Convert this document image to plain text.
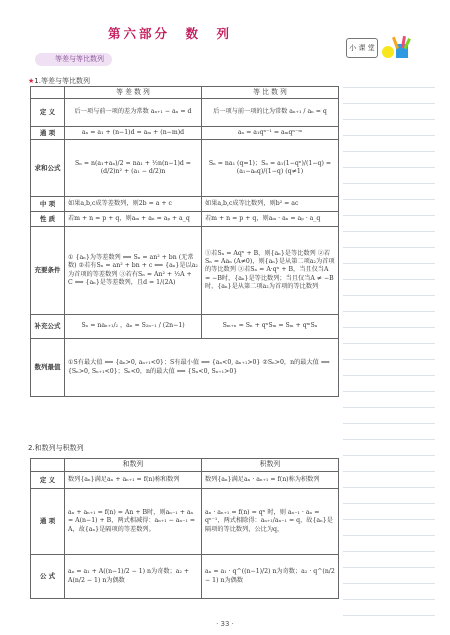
第六部分　数　列
小 课 堂
等差与等比数列
★1.等差与等比数列
	等 差 数 列	等 比 数 列
定 义	后一项与前一项的差为常数 aₙ₊₁ − aₙ = d	后一项与前一项的比为常数 aₙ₊₁ / aₙ = q
通 项	aₙ = a₁ + (n−1)d = aₘ + (n−m)d	aₙ = a₁qⁿ⁻¹ = aₘqⁿ⁻ᵐ
求和公式	Sₙ = n(a₁+aₙ)/2 = na₁ + ½n(n−1)d = (d/2)n² + (a₁ − d/2)n	Sₙ = na₁ (q=1)；Sₙ = a₁(1−qⁿ)/(1−q) = (a₁−aₙq)/(1−q) (q≠1)
中 项	如果a,b,c成等差数列，则2b = a + c	如果a,b,c成等比数列，则b² = ac
性 质	若m + n = p + q，则aₘ + aₙ = aₚ + a_q	若m + n = p + q，则aₘ · aₙ = aₚ · a_q
充要条件	① {aₙ}为等差数列 ⟺ Sₙ = an² + bn (无常数) ②若有Sₙ = an² + bn + c ⟺ {aₙ}是以a₂为首项的等差数列 ③若有Sₙ = An² + ½A + C ⟺ {aₙ}是等差数列，且d = 1/(2A)	①若Sₙ = Aqⁿ + B，则{aₙ}是等比数列 ②若Sₙ = Aaₙ (A≠0)，则{aₙ}是从第二项a₂为首项的等比数列 ③若Sₙ = A·qⁿ + B，当且仅当A = −B时，{aₙ}是等比数列；当且仅当A ≠ −B时，{aₙ}是从第二项a₂为首项的等比数列
补充公式	Sₙ = naₙ₊₁/₂ ，aₙ = S₂ₙ₋₁ / (2n−1)	Sₘ₊ₙ = Sₙ + qⁿSₘ = Sₘ + qᵐSₙ
数列最值	①S有最大值 ⟺ {aₙ>0, aₙ₊₁<0}；S有最小值 ⟺ {aₙ<0, aₙ₊₁>0} ②Sₙ>0，n的最大值 ⟺ {Sₙ>0, Sₙ₊₁<0}；Sₙ<0，n的最大值 ⟺ {Sₙ<0, Sₙ₊₁>0}	
2.和数列与积数列
	和数列	积数列
定 义	数列{aₙ}满足aₙ + aₙ₊₁ = f(n)称和数列	数列{aₙ}满足aₙ · aₙ₊₁ = f(n)称为积数列
通 项	aₙ + aₙ₊₁ = f(n) = An + B时，则aₙ₋₁ + aₙ = A(n−1) + B，两式相减得：aₙ₊₁ − aₙ₋₁ = A，故{aₙ}是隔项的等差数列。	aₙ · aₙ₊₁ = f(n) = qⁿ 时，则 aₙ₋₁ · aₙ = qⁿ⁻¹，两式相除得：aₙ₊₁/aₙ₋₁ = q，故{aₙ}是隔项的等比数列，公比为q，
公 式	aₙ = a₁ + A((n−1)/2 − 1) n为奇数；a₂ + A(n/2 − 1) n为偶数	aₙ = a₁ · q^((n−1)/2) n为奇数；a₂ · q^(n/2 − 1) n为偶数
· 33 ·
